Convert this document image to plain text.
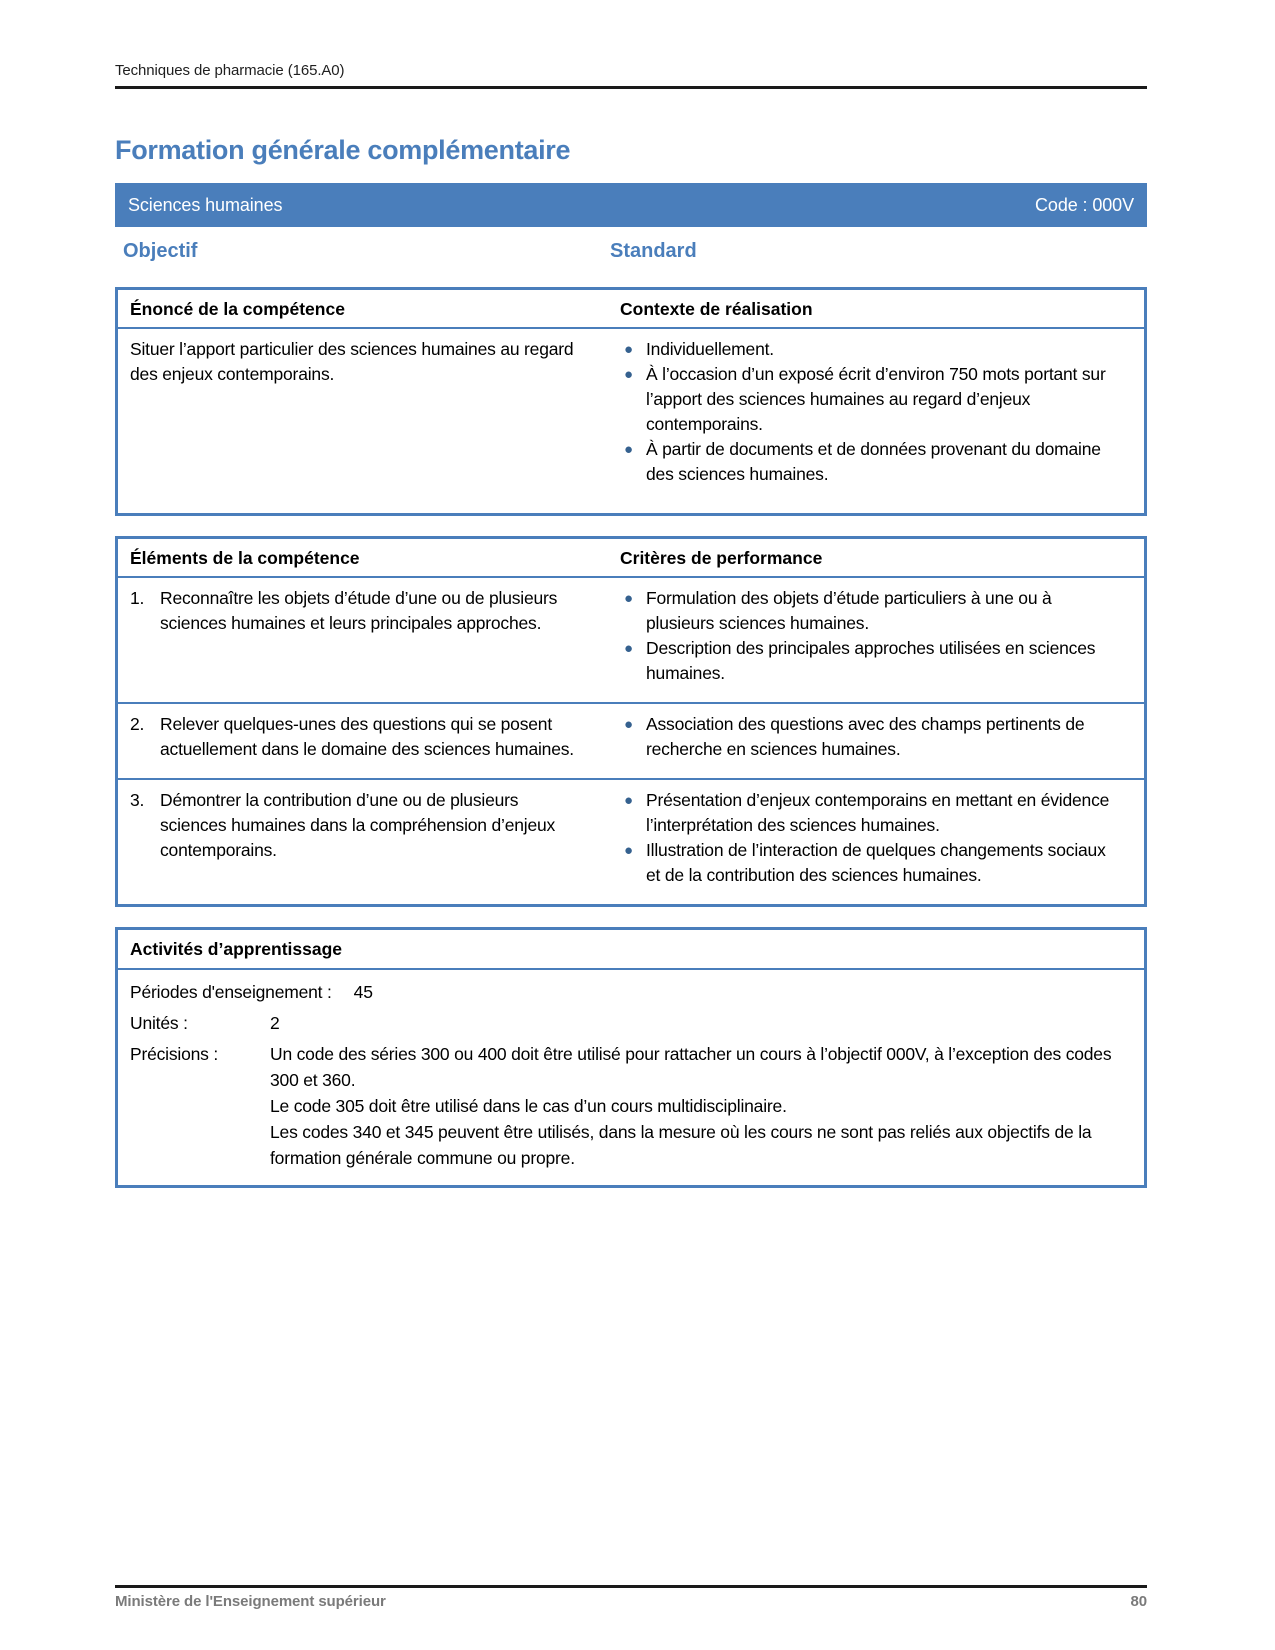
Techniques de pharmacie (165.A0)
Formation générale complémentaire
Sciences humaines	Code : 000V
Objectif	Standard
Énoncé de la compétence	Contexte de réalisation
Situer l’apport particulier des sciences humaines au regard des enjeux contemporains.
● Individuellement.
● À l’occasion d’un exposé écrit d’environ 750 mots portant sur l’apport des sciences humaines au regard d’enjeux contemporains.
● À partir de documents et de données provenant du domaine des sciences humaines.
Éléments de la compétence	Critères de performance
1. Reconnaître les objets d’étude d’une ou de plusieurs sciences humaines et leurs principales approches.
● Formulation des objets d’étude particuliers à une ou à plusieurs sciences humaines.
● Description des principales approches utilisées en sciences humaines.
2. Relever quelques-unes des questions qui se posent actuellement dans le domaine des sciences humaines.
● Association des questions avec des champs pertinents de recherche en sciences humaines.
3. Démontrer la contribution d’une ou de plusieurs sciences humaines dans la compréhension d’enjeux contemporains.
● Présentation d’enjeux contemporains en mettant en évidence l’interprétation des sciences humaines.
● Illustration de l’interaction de quelques changements sociaux et de la contribution des sciences humaines.
Activités d’apprentissage
Périodes d'enseignement : 45
Unités :	2
Précisions :	Un code des séries 300 ou 400 doit être utilisé pour rattacher un cours à l’objectif 000V, à l’exception des codes 300 et 360.

Le code 305 doit être utilisé dans le cas d’un cours multidisciplinaire.

Les codes 340 et 345 peuvent être utilisés, dans la mesure où les cours ne sont pas reliés aux objectifs de la formation générale commune ou propre.

Ministère de l'Enseignement supérieur	80
